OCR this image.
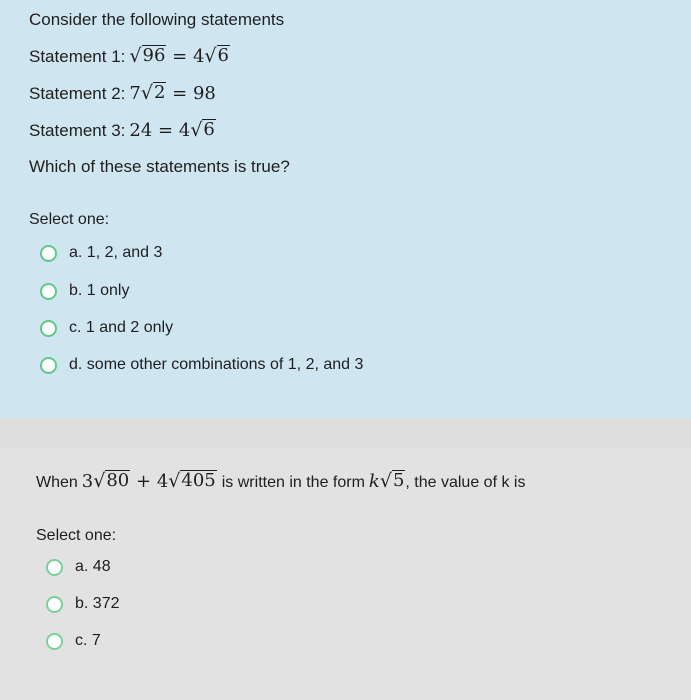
Consider the following statements
Statement 1: √ 96 = 4 √ 6
Statement 2: 7 √ 2 = 98
Statement 3: 24 = 4 √ 6
Which of these statements is true?
Select one:
a. 1, 2, and 3
b. 1 only
c. 1 and 2 only
d. some other combinations of 1, 2, and 3
When 3 √ 80 + 4 √ 405 is written in the form k √ 5 , the value of k is
Select one:
a. 48
b. 372
c. 7
